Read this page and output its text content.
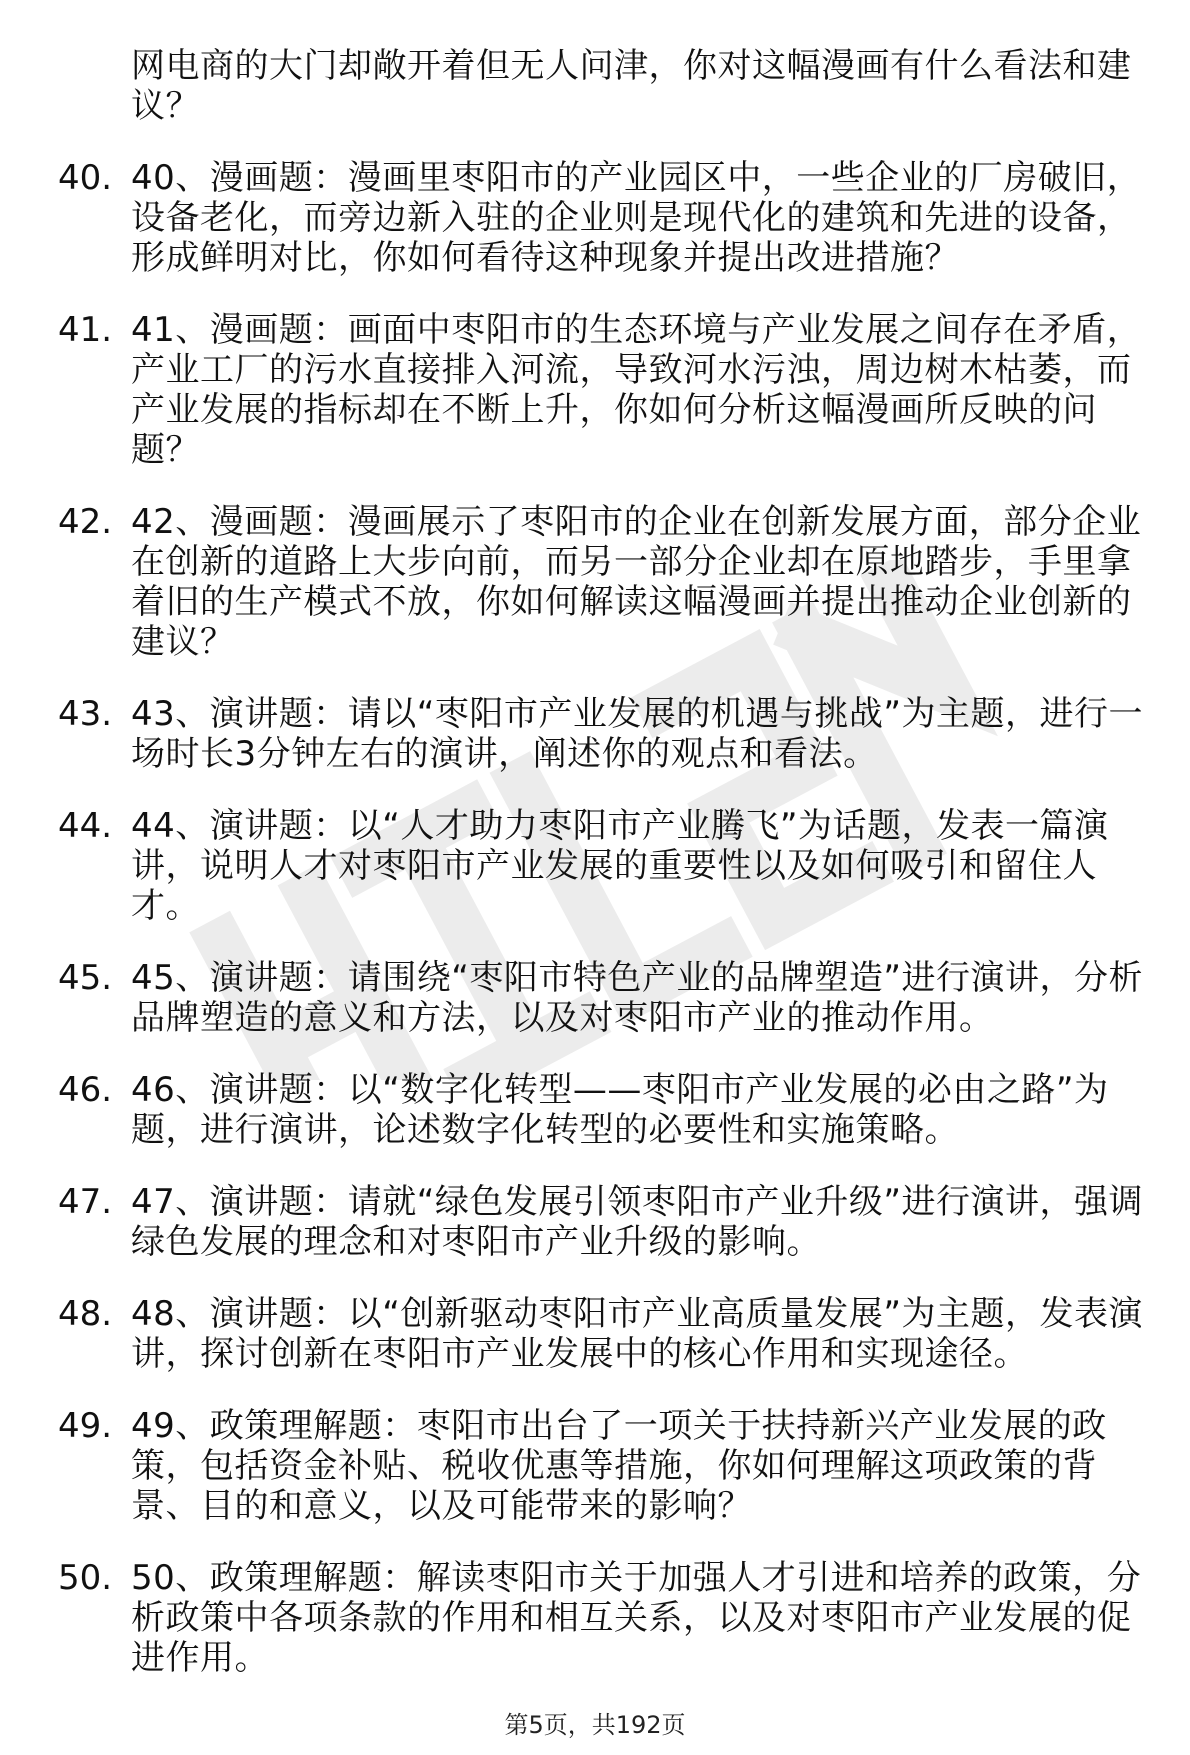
网电商的大门却敞开着但无人问津，你对这幅漫画有什么看法和建议？
40. 40、漫画题：漫画里枣阳市的产业园区中，一些企业的厂房破旧，设备老化，而旁边新入驻的企业则是现代化的建筑和先进的设备，形成鲜明对比，你如何看待这种现象并提出改进措施？
41. 41、漫画题：画面中枣阳市的生态环境与产业发展之间存在矛盾，产业工厂的污水直接排入河流，导致河水污浊，周边树木枯萎，而产业发展的指标却在不断上升，你如何分析这幅漫画所反映的问题？
42. 42、漫画题：漫画展示了枣阳市的企业在创新发展方面，部分企业在创新的道路上大步向前，而另一部分企业却在原地踏步，手里拿着旧的生产模式不放，你如何解读这幅漫画并提出推动企业创新的建议？
43. 43、演讲题：请以“枣阳市产业发展的机遇与挑战”为主题，进行一场时长3分钟左右的演讲，阐述你的观点和看法。
44. 44、演讲题：以“人才助力枣阳市产业腾飞”为话题，发表一篇演讲，说明人才对枣阳市产业发展的重要性以及如何吸引和留住人才。
45. 45、演讲题：请围绕“枣阳市特色产业的品牌塑造”进行演讲，分析品牌塑造的意义和方法，以及对枣阳市产业的推动作用。
46. 46、演讲题：以“数字化转型——枣阳市产业发展的必由之路”为题，进行演讲，论述数字化转型的必要性和实施策略。
47. 47、演讲题：请就“绿色发展引领枣阳市产业升级”进行演讲，强调绿色发展的理念和对枣阳市产业升级的影响。
48. 48、演讲题：以“创新驱动枣阳市产业高质量发展”为主题，发表演讲，探讨创新在枣阳市产业发展中的核心作用和实现途径。
49. 49、政策理解题：枣阳市出台了一项关于扶持新兴产业发展的政策，包括资金补贴、税收优惠等措施，你如何理解这项政策的背景、目的和意义，以及可能带来的影响？
50. 50、政策理解题：解读枣阳市关于加强人才引进和培养的政策，分析政策中各项条款的作用和相互关系，以及对枣阳市产业发展的促进作用。
第5页，共192页
